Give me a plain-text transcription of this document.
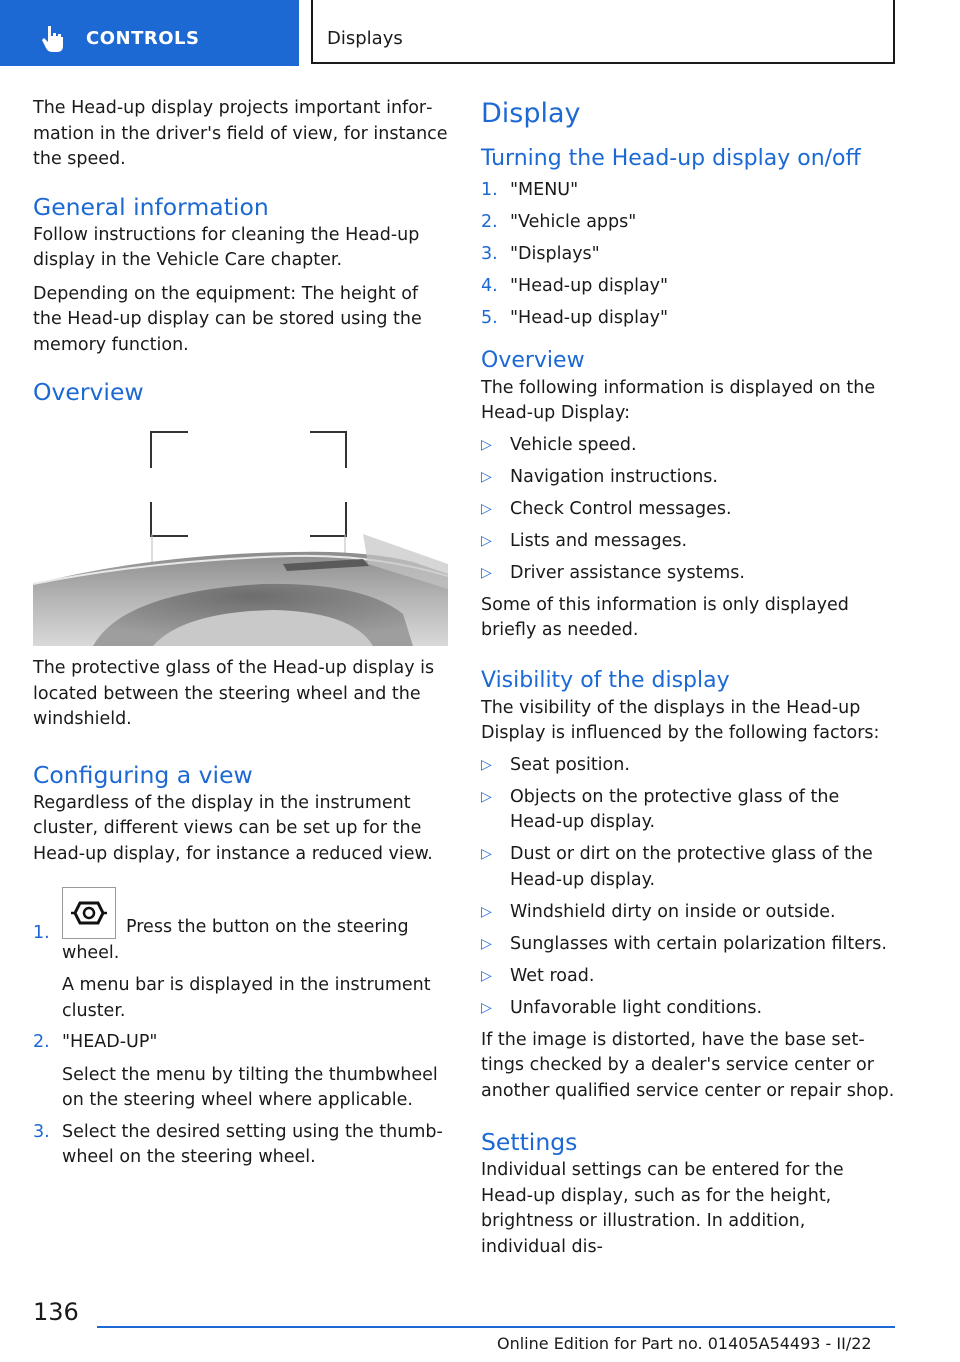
CONTROLS	Displays

The Head-up display projects important information in the driver's field of view, for instance the speed.

General information

Follow instructions for cleaning the Head-up display in the Vehicle Care chapter.

Depending on the equipment: The height of the Head-up display can be stored using the memory function.

Overview

The protective glass of the Head-up display is located between the steering wheel and the windshield.

Configuring a view

Regardless of the display in the instrument cluster, different views can be set up for the Head-up display, for instance a reduced view.

1.	Press the button on the steering wheel.
A menu bar is displayed in the instrument cluster.
2. "HEAD-UP"
Select the menu by tilting the thumbwheel on the steering wheel where applicable.
3. Select the desired setting using the thumbwheel on the steering wheel.
Display
Turning the Head-up display on/off
1. "MENU"
2. "Vehicle apps"
3. "Displays"
4. "Head-up display"
5. "Head-up display"
Overview

The following information is displayed on the Head-up Display:

▷ Vehicle speed.
▷ Navigation instructions.
▷ Check Control messages.
▷ Lists and messages.
▷ Driver assistance systems.

Some of this information is only displayed briefly as needed.

Visibility of the display

The visibility of the displays in the Head-up Display is influenced by the following factors:

▷ Seat position.
▷ Objects on the protective glass of the Head-up display.
▷ Dust or dirt on the protective glass of the Head-up display.
▷ Windshield dirty on inside or outside.
▷ Sunglasses with certain polarization filters.
▷ Wet road.
▷ Unfavorable light conditions.

If the image is distorted, have the base settings checked by a dealer's service center or another qualified service center or repair shop.

Settings

Individual settings can be entered for the Head-up display, such as for the height, brightness or illustration. In addition, individual dis-

136
Online Edition for Part no. 01405A54493 - II/22
